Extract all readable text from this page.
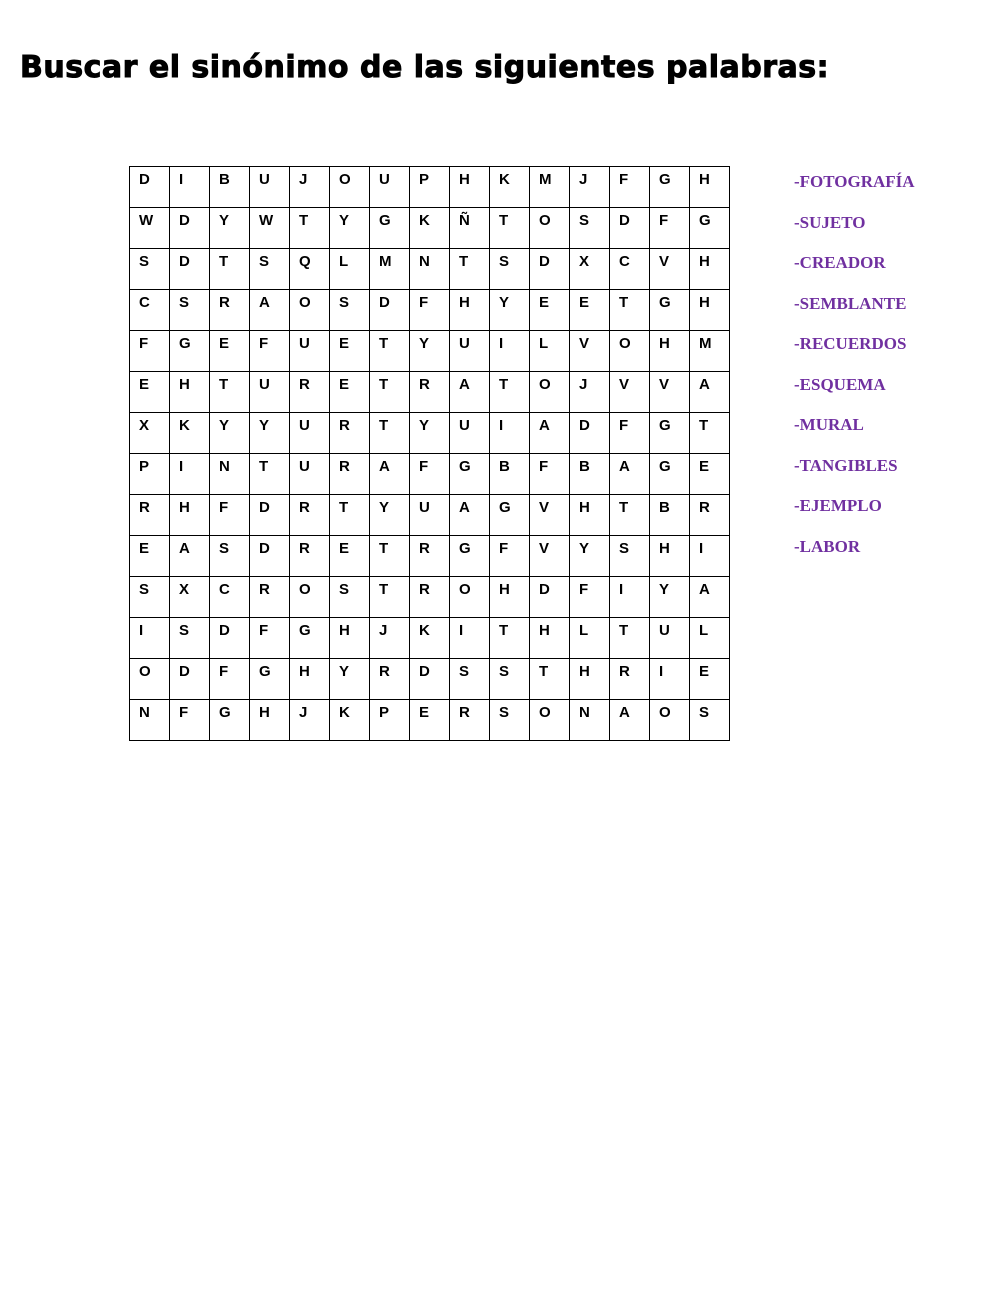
Buscar el sinónimo de las siguientes palabras:
D	I	B	U	J	O	U	P	H	K	M	J	F	G	H
W	D	Y	W	T	Y	G	K	Ñ	T	O	S	D	F	G
S	D	T	S	Q	L	M	N	T	S	D	X	C	V	H
C	S	R	A	O	S	D	F	H	Y	E	E	T	G	H
F	G	E	F	U	E	T	Y	U	I	L	V	O	H	M
E	H	T	U	R	E	T	R	A	T	O	J	V	V	A
X	K	Y	Y	U	R	T	Y	U	I	A	D	F	G	T
P	I	N	T	U	R	A	F	G	B	F	B	A	G	E
R	H	F	D	R	T	Y	U	A	G	V	H	T	B	R
E	A	S	D	R	E	T	R	G	F	V	Y	S	H	I
S	X	C	R	O	S	T	R	O	H	D	F	I	Y	A
I	S	D	F	G	H	J	K	I	T	H	L	T	U	L
O	D	F	G	H	Y	R	D	S	S	T	H	R	I	E
N	F	G	H	J	K	P	E	R	S	O	N	A	O	S
-FOTOGRAFÍA
-SUJETO
-CREADOR
-SEMBLANTE
-RECUERDOS
-ESQUEMA
-MURAL
-TANGIBLES
-EJEMPLO
-LABOR
